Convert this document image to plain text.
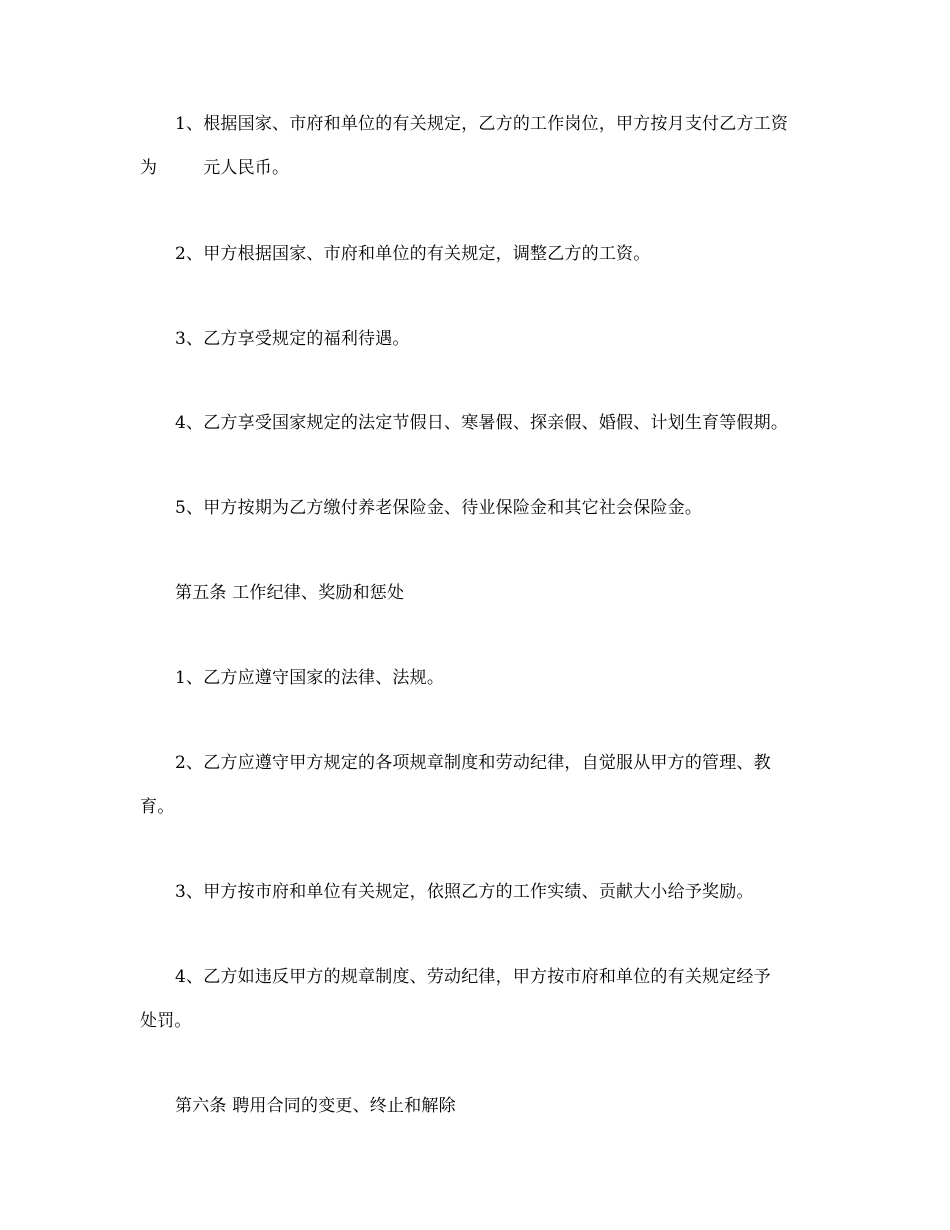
1、根据国家、市府和单位的有关规定，乙方的工作岗位，甲方按月支付乙方工资
为	元人民币。
2、甲方根据国家、市府和单位的有关规定，调整乙方的工资。
3、乙方享受规定的福利待遇。
4、乙方享受国家规定的法定节假日、寒暑假、探亲假、婚假、计划生育等假期。
5、甲方按期为乙方缴付养老保险金、待业保险金和其它社会保险金。
第五条 工作纪律、奖励和惩处
1、乙方应遵守国家的法律、法规。
2、乙方应遵守甲方规定的各项规章制度和劳动纪律，自觉服从甲方的管理、教
育。
3、甲方按市府和单位有关规定，依照乙方的工作实绩、贡献大小给予奖励。
4、乙方如违反甲方的规章制度、劳动纪律，甲方按市府和单位的有关规定经予
处罚。
第六条 聘用合同的变更、终止和解除
